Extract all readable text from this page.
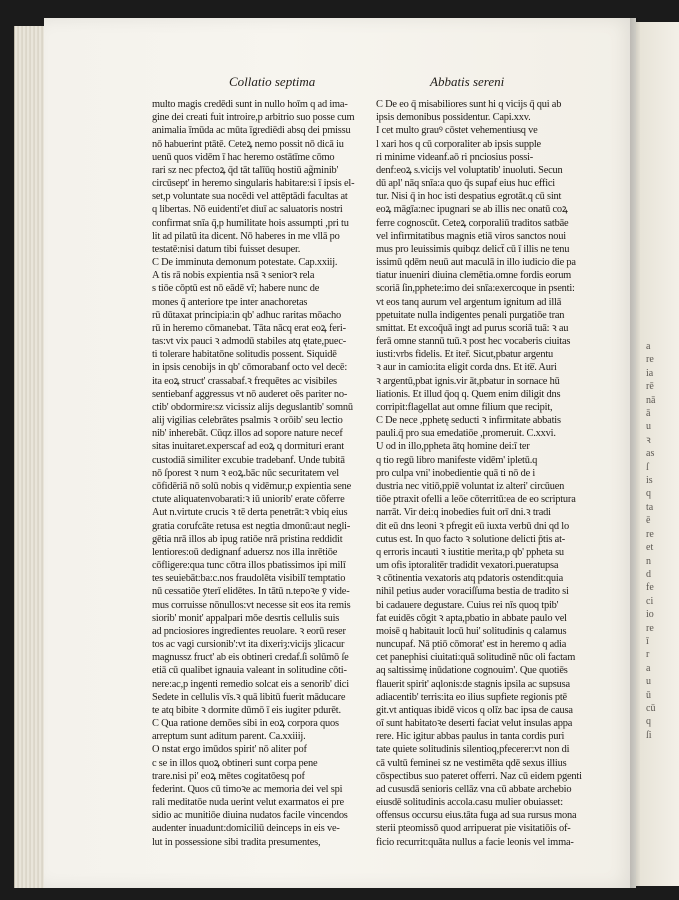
a
re
ia
rē
nā
ā
u
ꝛ
as
ſ
is
q
ta
ē
re
et
n
d
fe
ci
io
re
ī
r
a
u
ū
cū
q
ſi
Collatio septima	Abbatis sereni
multo magis credēdi sunt in nullo hoīm q ad ima-
gine dei creati fuit introire,p arbitrio suo posse cum
animalia īmūda ac mūta īgrediēdi absq dei pmissu
nō habuerint ptātē. Ceteꝝ nemo possit nō dicā iu
uenū quos vidēm ī hac heremo ostātīme cōmo
rari sz nec pfectoꝝ q̄d tāt talīūq hostiū ag̃minib'
circūsept' in heremo singularis habitare:si ī ipsis el-
set,p voluntate sua nocēdi vel attēptādi facultas at
q libertas. Nō euidenti'et diuī ac saluatoris nostri
confirmat snīa q̄,p humilitate hois assumpti ,pri tu
lit ad pilatū ita dicent. Nō haberes in me vllā po
testatē:nisi datum tibi fuisset desuper.
C De imminuta demonum potestate. Cap.xxiij.
A tis rā nobis expientia nsā ꝛ seniorꝛ rela
s tiōe cōptū est nō eādē vī; habere nunc de
mones q̄ anteriore tpe inter anachoretas
rū dūtaxat principia:in qb' adhuc raritas mōacho
rū in heremo cōmanebat. Tāta nācq erat eoꝝ feri-
tas:vt vix pauci ꝛ admodū stabiles atq ętate,puec-
ti tolerare habitatōne solitudis possent. Siquidē
in ipsis cenobijs in qb' cōmorabanf octo vel decē:
ita eoꝝ struct' crassabaf.ꝛ frequētes ac visibiles
sentiebanf aggressus vt nō auderet oēs pariter no-
ctib' obdormire:sz vicissiz alijs deguslantib' somnū
alij vigilias celebrātes psalmis ꝛ orōib' seu lectio
nib' inherebāt. Cūqz illos ad sopore nature necef
sitas inuitaret.experscaf ad eoꝝ q dormituri erant
custodiā similiter excubie tradebanf. Unde tubitā
nō ſporest ꝛ num ꝛ eoꝝ.bāc nūc securitatem vel
cōfidēriā nō solū nobis q vidēmur,p expientia sene
ctute aliquatenvobarati:ꝛ iū uniorib' erate cōferre
Aut n.virtute crucis ꝛ tē derta penetrāt:ꝛ vbiq eius
gratia corufcāte retusa est negtia dmonū:aut negli-
gētia nrā illos ab ipug ratiōe nrā pristina reddidit
lentiores:oū dedignanf aduersz nos illa inrētiōe
cōfligere:qua tunc cōtra illos pbatissimos ipi milī
tes seuiebāt:ba:c.nos fraudolēta visibilī temptatio
nū cessatiōe ȳterǐ elidētes. In tātū n.tepoꝛe ȳ vide-
mus corruisse nōnullos:vt necesse sit eos ita remis
siorib' monit' appalpari mōe desrtis cellulis suis
ad pnciosiores ingredientes reuolare. ꝛ eorū reser
tos ac vagi cursionib':vt ita dixeriȝ:vicijs ȝlicacur
magnussz fruct' ab eis obtineri credaf.ſi solūmō ſe
etiā cū qualibet ignauia valeant in solitudine cōti-
nere:ac,p ingenti remedio solcat eis a senorib' dici
Sedete in cellulis vīs.ꝛ quā libitū fuerit māducare
te atq bibite ꝛ dormite dūmō ī eis iugiter pdurēt.
C Qua ratione demōes sibi in eoꝝ corpora quos
arreptum sunt aditum parent. Ca.xxiiij.
O nstat ergo imūdos spirit' nō aliter pof
c se in illos quoꝝ obtineri sunt corpa pene
trare.nisi pi' eoꝝ mētes cogitatōesq pof
federint. Quos cū timoꝛe ac memoria dei vel spi
rali meditatōe nuda uerint velut exarmatos ei pre
sidio ac munitiōe diuina nudatos facile vincendos
audenter inuadunt:domiciliū deinceps in eis ve-
lut in possessione sibi tradita presumentes,
C De eo q̄ misabiliores sunt hi q vicijs q̄ qui ab
ipsis demonibus possidentur. Capi.xxv.
I cet multo grauꝰ cōstet vehementiusq ve
l xari hos q cū corporaliter ab ipsis supple
ri minime videanf.aō ri pnciosius possi-
denf:eoꝝ s.vicijs vel voluptatib' inuoluti. Secun
dū apl' nāq snīa:a quo q̄s supaf eius huc effici
tur. Nisi q̄ in hoc isti despatius egrotāt.q cū sint
eoꝝ māgīa:nec ipugnari se ab illis nec onatū coꝝ
ferre cognoscūt. Ceteꝝ corporaliū traditos satbāe
vel infirmitatibus magnis etiā viros sanctos noui
mus pro leuissimis quibqz delict̄ cū ī illis ne tenu
issimū qdēm neuū aut maculā in illo iudicio die pa
tiatur inueniri diuina clemētia.omne fordis eorum
scoriā ſin,pphete:imo dei snīa:exercoque in psenti:
vt eos tanq aurum vel argentum ignitum ad illā
ppetuitate nulla indigentes penali purgatiōe tran
smittat. Et excoq̄uā ingt ad purus scoriā tuā: ꝛ au
ferā omne stannū tuū.ꝛ post hec vocaberis ciuitas
iusti:vrbs fidelis. Et iter̄. Sicut,pbatur argentu
ꝛ aur in camio:ita eligit corda dns. Et ite̅. Auri
ꝛ argentū,pbat ignis.vir āt,pbatur in sornace hū
liationis. Et illud q̄oq q. Quem enim diligit dns
corripit:flagellat aut omne filium que recipit,
C De nece ,pphetę seducti ꝛ infirmitate abbatis
pauli.q̄ pro sua emedatiōe ,promeruit. C.xxvi.
U od in illo,ppheta ātq homine dei:ī ter
q tio regū libro manifeste vidēm' ipletū.q
pro culpa vni' inobedientie quā ti nō de i
dustria nec vitiō,ppiē voluntat iz alteri' circūuen
tiōe ptraxit ofelli a leōe cōterritū:ea de eo scriptura
narrāt. Vir dei:q inobedies fuit orī dni.ꝛ tradi
dit eū dns leoni ꝛ pfregit eū iuxta verbū dni qd lo
cutus est. In quo facto ꝛ solutione delicti p̄tis at-
q erroris incauti ꝛ iustitie merita,p qb' ppheta su
um ofis iptoralitēr tradidit vexatori.pueratupsa
ꝛ cōtinentia vexatoris atq pdatoris ostendit:quia
nihil petius auder voraciſſuma bestia de tradito si
bi cadauere degustare. Cuius rei nīs quoq tpib'
fat euidēs cōgit ꝛ apta,pbatio in abbate paulo vel
moisē q habitauit locū hui' solitudinis q calamus
nuncupaf. Nā ptiō cōmorat' est in heremo q adia
cet panephisi ciuitati:quā solitudinē nūc oli factam
aq saltissimę inūdatione cognouim'. Que quotiēs
flauerit spirit' aqlonis:de stagnis ipsila ac supsusa
adiacentib' terris:ita eo ilius supfiete regionis ptē
git.vt antiquas ibidē vicos q olīz bac ipsa de causa
oī sunt habitatoꝛe deserti faciat velut insulas appa
rere. Hic igitur abbas paulus in tanta cordis puri
tate quiete solitudinis silentioq,pfecerer:vt non di
cā vultū feminei sz ne vestimēta qdē sexus illius
cōspectibus suo pateret offerri. Naz cū eidem pgenti
ad cususdā senioris cellāz vna cū abbate archebio
eiusdē solitudinis accola.casu mulier obuiasset:
offensus occursu eius.tāta fuga ad sua rursus mona
sterii pteomissō quod arripuerat pie visitatiōis of-
ficio recurrit:quāta nullus a facie leonis vel imma-
